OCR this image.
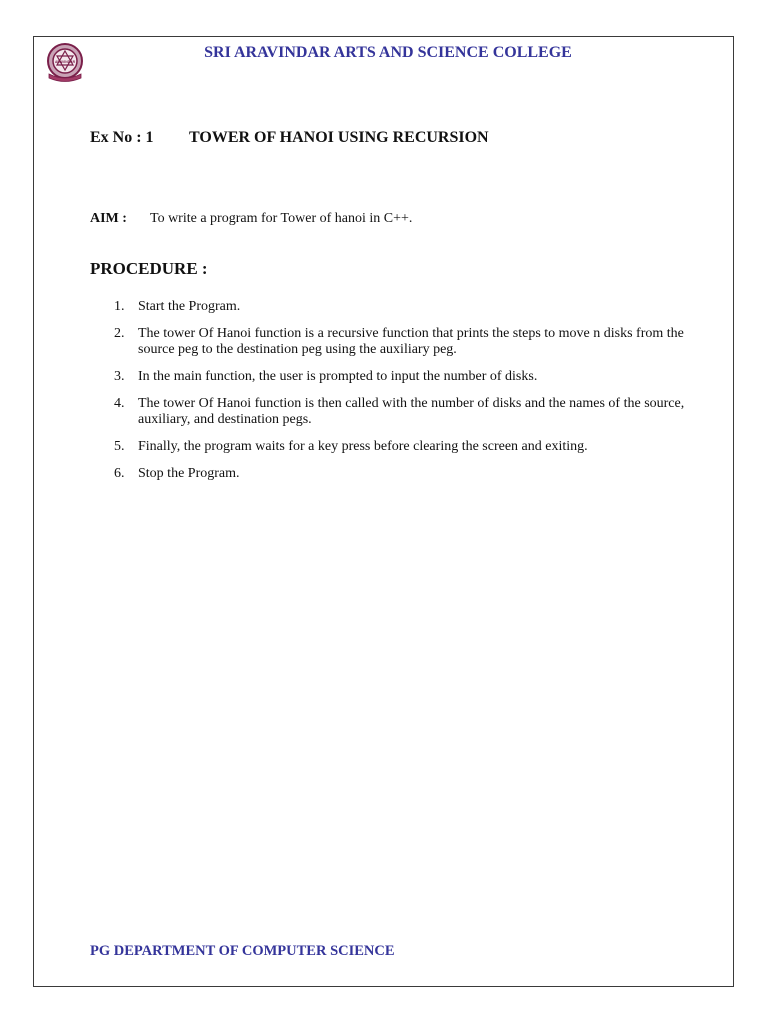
ARAVINDAR
SRI ARAVINDAR ARTS AND SCIENCE COLLEGE
Ex No : 1 TOWER OF HANOI USING RECURSION
AIM : To write a program for Tower of hanoi in C++.
PROCEDURE :
1. Start the Program.
2. The tower Of Hanoi function is a recursive function that prints the steps to move n disks from the source peg to the destination peg using the auxiliary peg.
3. In the main function, the user is prompted to input the number of disks.
4. The tower Of Hanoi function is then called with the number of disks and the names of the source, auxiliary, and destination pegs.
5. Finally, the program waits for a key press before clearing the screen and exiting.
6. Stop the Program.
PG DEPARTMENT OF COMPUTER SCIENCE
